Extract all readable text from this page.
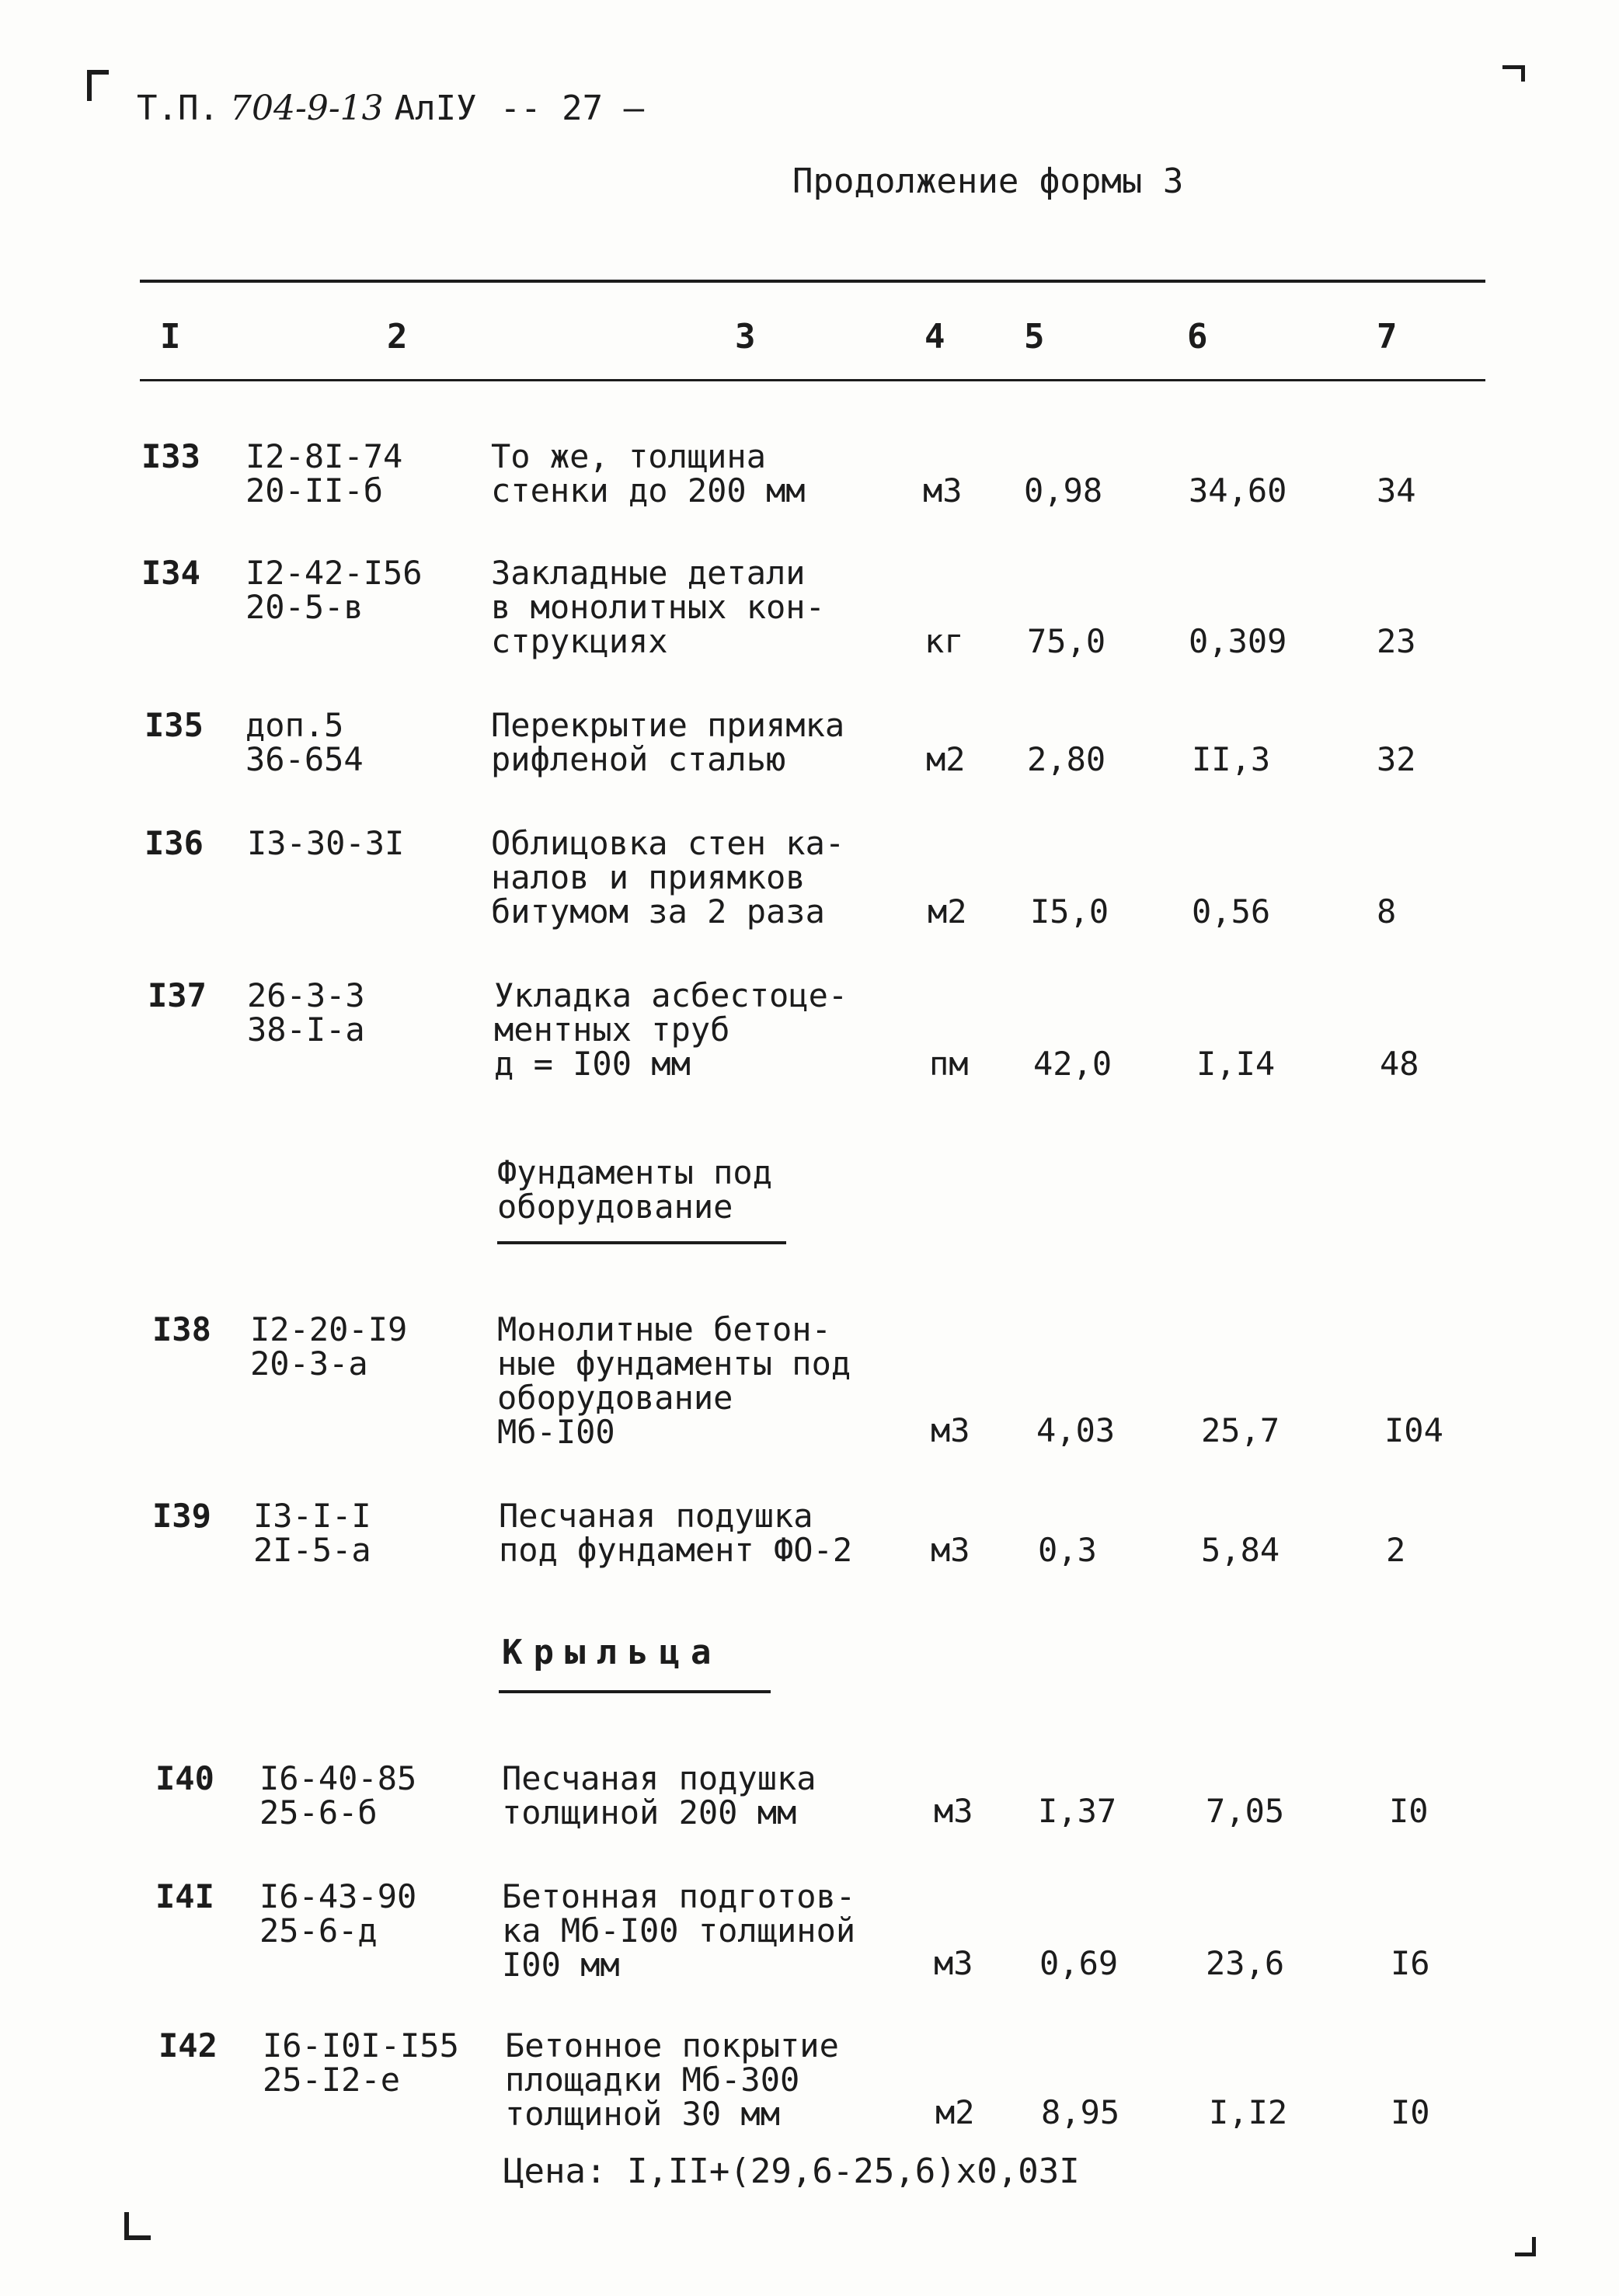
Т.П. 704-9-13 АлIУ -- 27 —
Продолжение формы 3
I	2	3	4 5	6	7
I33 I2-8I-74
20-II-б
То же, толщина
стенки до 200 мм	м3 0,98	34,60	34
I34 I2-42-I56
20-5-в
Закладные детали
в монолитных кон-
струкциях	кг 75,0	0,309	23
I35 доп.5
36-654
Перекрытие приямка
рифленой сталью	м2 2,80	II,3	32
I36 I3-30-3I	Облицовка стен ка-
налов и приямков
битумом за 2 раза	м2 I5,0	0,56	8
I37 26-3-3
38-I-а
Укладка асбестоце-
ментных труб
д = I00 мм	пм 42,0	I,I4	48
Фундаменты под
оборудование
I38 I2-20-I9
20-3-а
Монолитные бетон-
ные фундаменты под
оборудование
Мб-I00	м3 4,03	25,7	I04
I39 I3-I-I
2I-5-а
Песчаная подушка
под фундамент ФО-2 м3 0,3	5,84	2
Крыльца
I40 I6-40-85
25-6-б
Песчаная подушка
толщиной 200 мм	м3 I,37	7,05	I0
I4I I6-43-90
25-6-д
Бетонная подготов-
ка Мб-I00 толщиной
I00 мм	м3 0,69	23,6	I6
I42 I6-I0I-I55
25-I2-е
Бетонное покрытие
площадки Мб-300
толщиной 30 мм	м2 8,95	I,I2	I0
Цена: I,II+(29,6-25,6)x0,03I
